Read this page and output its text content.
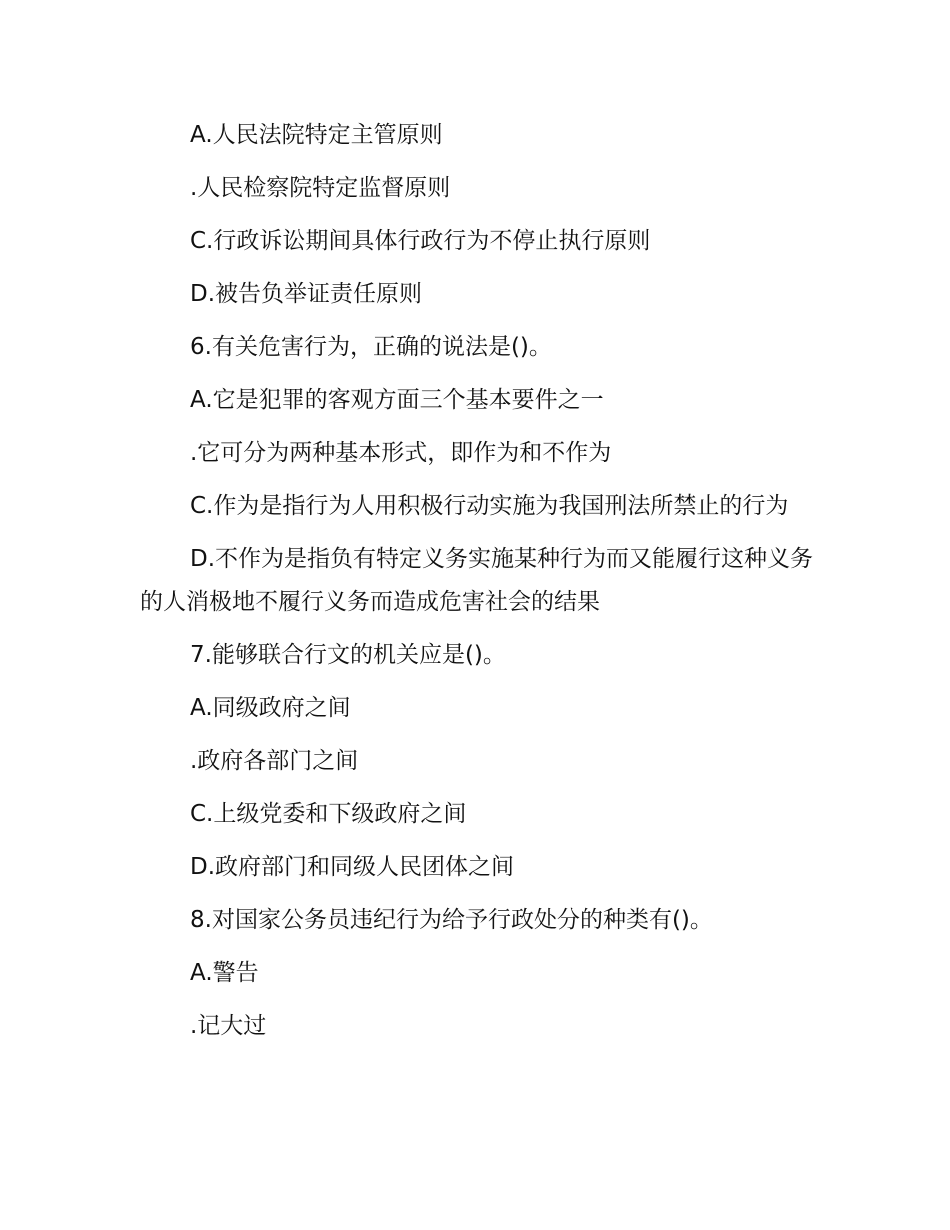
A.人民法院特定主管原则

.人民检察院特定监督原则

C.行政诉讼期间具体行政行为不停止执行原则

D.被告负举证责任原则

6.有关危害行为，正确的说法是()。

A.它是犯罪的客观方面三个基本要件之一

.它可分为两种基本形式，即作为和不作为

C.作为是指行为人用积极行动实施为我国刑法所禁止的行为

D.不作为是指负有特定义务实施某种行为而又能履行这种义务的人消极地不履行义务而造成危害社会的结果

7.能够联合行文的机关应是()。

A.同级政府之间

.政府各部门之间

C.上级党委和下级政府之间

D.政府部门和同级人民团体之间

8.对国家公务员违纪行为给予行政处分的种类有()。

A.警告

.记大过
